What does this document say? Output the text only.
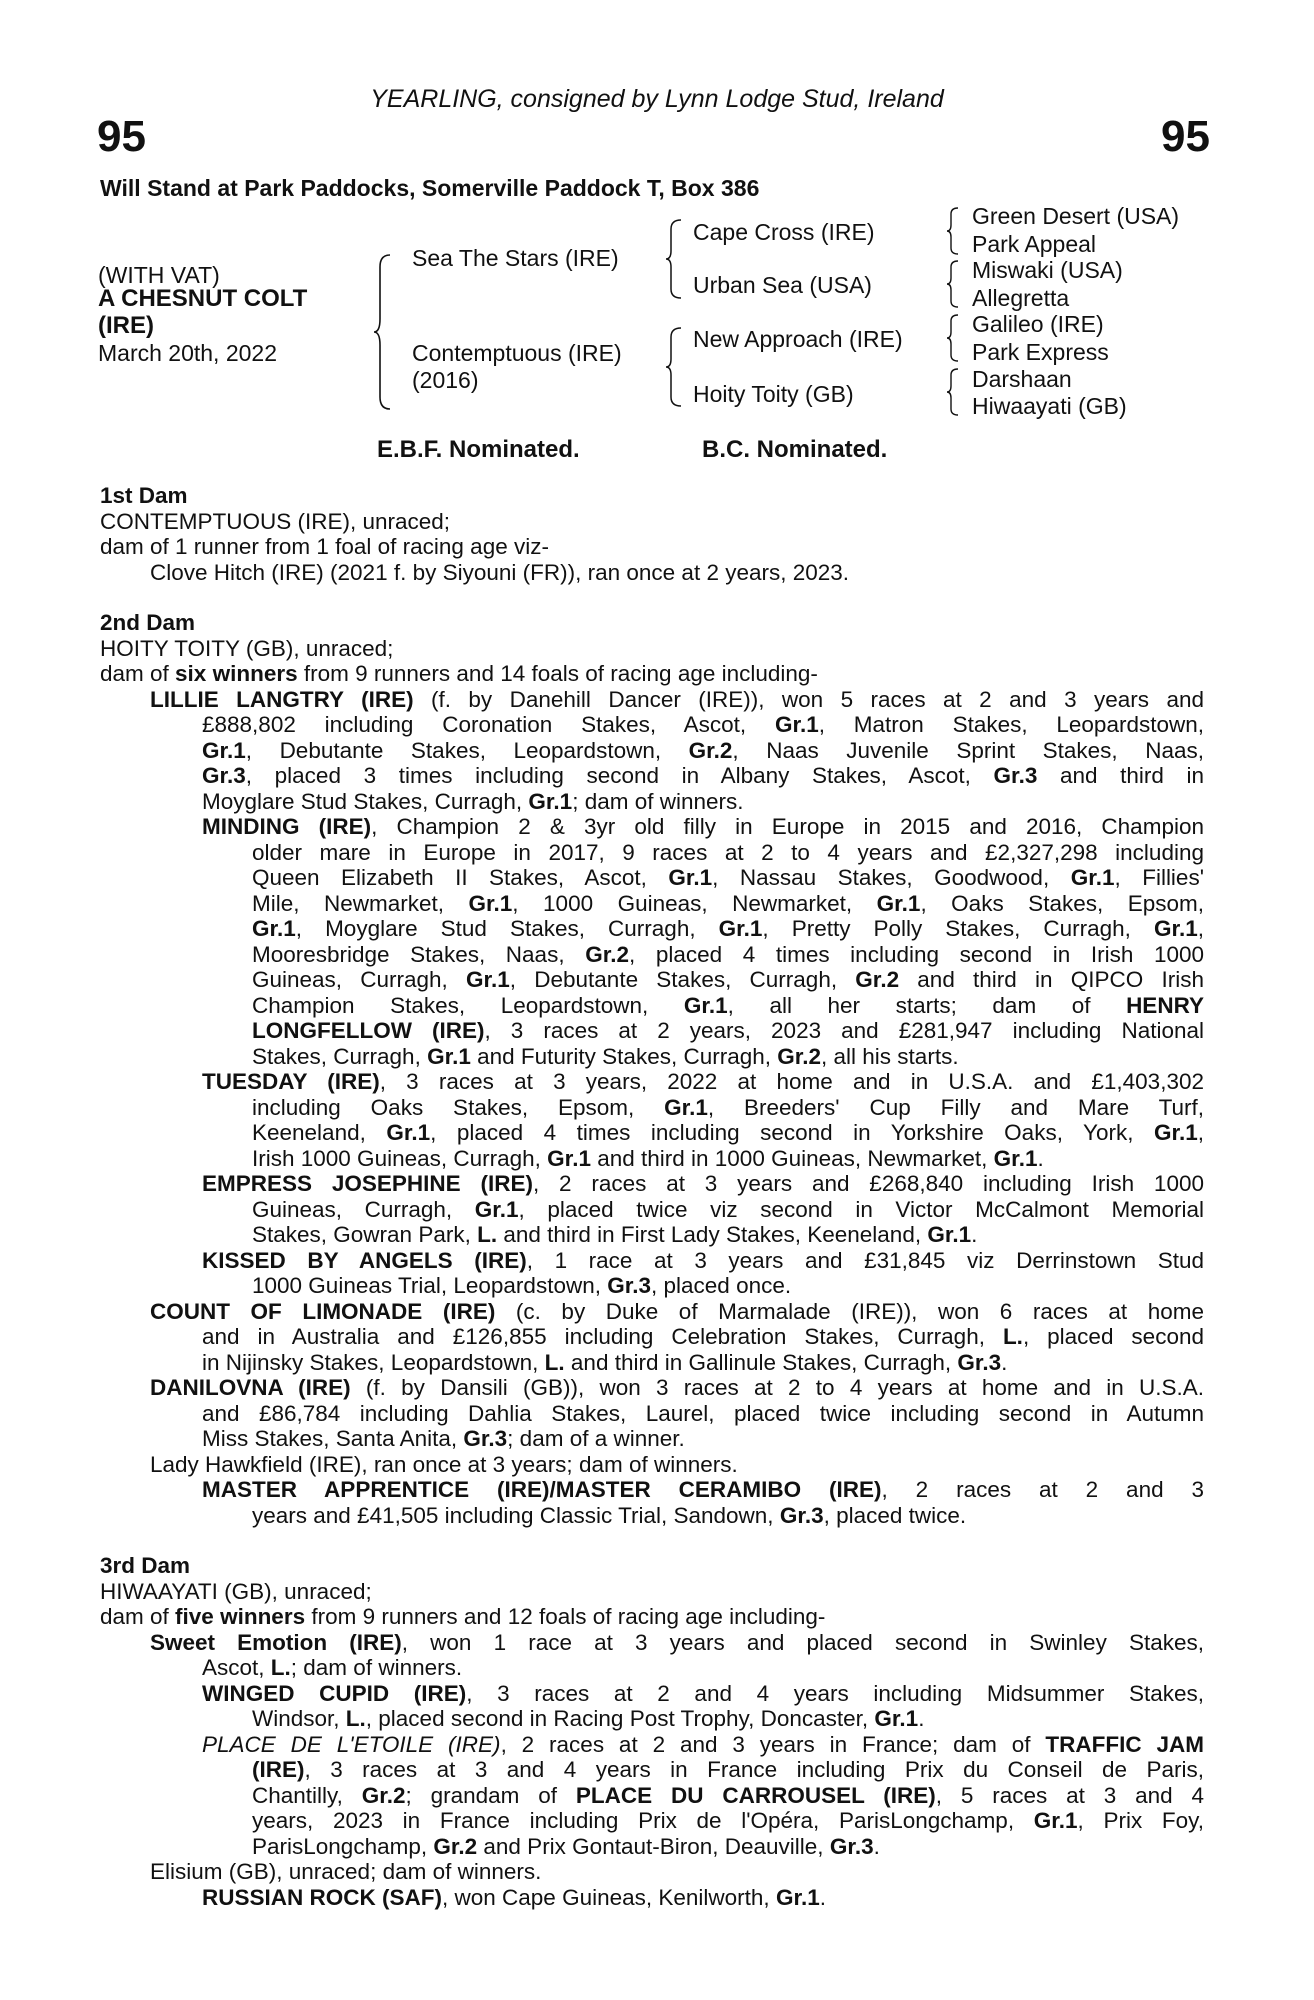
YEARLING, consigned by Lynn Lodge Stud, Ireland
95	95
Will Stand at Park Paddocks, Somerville Paddock T, Box 386
(WITH VAT)
A CHESNUT COLT
(IRE)
March 20th, 2022
Sea The Stars (IRE)
Contemptuous (IRE)
(2016)
Cape Cross (IRE)
Urban Sea (USA)
New Approach (IRE)
Hoity Toity (GB)
Green Desert (USA)
Park Appeal
Miswaki (USA)
Allegretta
Galileo (IRE)
Park Express
Darshaan
Hiwaayati (GB)
E.B.F. Nominated.	B.C. Nominated.
1st Dam
CONTEMPTUOUS (IRE), unraced;
dam of 1 runner from 1 foal of racing age viz-
Clove Hitch (IRE) (2021 f. by Siyouni (FR)), ran once at 2 years, 2023.
2nd Dam
HOITY TOITY (GB), unraced;
dam of six winners from 9 runners and 14 foals of racing age including-
LILLIE LANGTRY (IRE) (f. by Danehill Dancer (IRE)), won 5 races at 2 and 3 years and
£888,802 including Coronation Stakes, Ascot, Gr.1, Matron Stakes, Leopardstown,
Gr.1, Debutante Stakes, Leopardstown, Gr.2, Naas Juvenile Sprint Stakes, Naas,
Gr.3, placed 3 times including second in Albany Stakes, Ascot, Gr.3 and third in
Moyglare Stud Stakes, Curragh, Gr.1; dam of winners.
MINDING (IRE), Champion 2 & 3yr old filly in Europe in 2015 and 2016, Champion
older mare in Europe in 2017, 9 races at 2 to 4 years and £2,327,298 including
Queen Elizabeth II Stakes, Ascot, Gr.1, Nassau Stakes, Goodwood, Gr.1, Fillies'
Mile, Newmarket, Gr.1, 1000 Guineas, Newmarket, Gr.1, Oaks Stakes, Epsom,
Gr.1, Moyglare Stud Stakes, Curragh, Gr.1, Pretty Polly Stakes, Curragh, Gr.1,
Mooresbridge Stakes, Naas, Gr.2, placed 4 times including second in Irish 1000
Guineas, Curragh, Gr.1, Debutante Stakes, Curragh, Gr.2 and third in QIPCO Irish
Champion Stakes, Leopardstown, Gr.1, all her starts; dam of HENRY
LONGFELLOW (IRE), 3 races at 2 years, 2023 and £281,947 including National
Stakes, Curragh, Gr.1 and Futurity Stakes, Curragh, Gr.2, all his starts.
TUESDAY (IRE), 3 races at 3 years, 2022 at home and in U.S.A. and £1,403,302
including Oaks Stakes, Epsom, Gr.1, Breeders' Cup Filly and Mare Turf,
Keeneland, Gr.1, placed 4 times including second in Yorkshire Oaks, York, Gr.1,
Irish 1000 Guineas, Curragh, Gr.1 and third in 1000 Guineas, Newmarket, Gr.1.
EMPRESS JOSEPHINE (IRE), 2 races at 3 years and £268,840 including Irish 1000
Guineas, Curragh, Gr.1, placed twice viz second in Victor McCalmont Memorial
Stakes, Gowran Park, L. and third in First Lady Stakes, Keeneland, Gr.1.
KISSED BY ANGELS (IRE), 1 race at 3 years and £31,845 viz Derrinstown Stud
1000 Guineas Trial, Leopardstown, Gr.3, placed once.
COUNT OF LIMONADE (IRE) (c. by Duke of Marmalade (IRE)), won 6 races at home
and in Australia and £126,855 including Celebration Stakes, Curragh, L., placed second
in Nijinsky Stakes, Leopardstown, L. and third in Gallinule Stakes, Curragh, Gr.3.
DANILOVNA (IRE) (f. by Dansili (GB)), won 3 races at 2 to 4 years at home and in U.S.A.
and £86,784 including Dahlia Stakes, Laurel, placed twice including second in Autumn
Miss Stakes, Santa Anita, Gr.3; dam of a winner.
Lady Hawkfield (IRE), ran once at 3 years; dam of winners.
MASTER APPRENTICE (IRE)/MASTER CERAMIBO (IRE), 2 races at 2 and 3
years and £41,505 including Classic Trial, Sandown, Gr.3, placed twice.
3rd Dam
HIWAAYATI (GB), unraced;
dam of five winners from 9 runners and 12 foals of racing age including-
Sweet Emotion (IRE), won 1 race at 3 years and placed second in Swinley Stakes,
Ascot, L.; dam of winners.
WINGED CUPID (IRE), 3 races at 2 and 4 years including Midsummer Stakes,
Windsor, L., placed second in Racing Post Trophy, Doncaster, Gr.1.
PLACE DE L'ETOILE (IRE), 2 races at 2 and 3 years in France; dam of TRAFFIC JAM
(IRE), 3 races at 3 and 4 years in France including Prix du Conseil de Paris,
Chantilly, Gr.2; grandam of PLACE DU CARROUSEL (IRE), 5 races at 3 and 4
years, 2023 in France including Prix de l'Opéra, ParisLongchamp, Gr.1, Prix Foy,
ParisLongchamp, Gr.2 and Prix Gontaut-Biron, Deauville, Gr.3.
Elisium (GB), unraced; dam of winners.
RUSSIAN ROCK (SAF), won Cape Guineas, Kenilworth, Gr.1.
